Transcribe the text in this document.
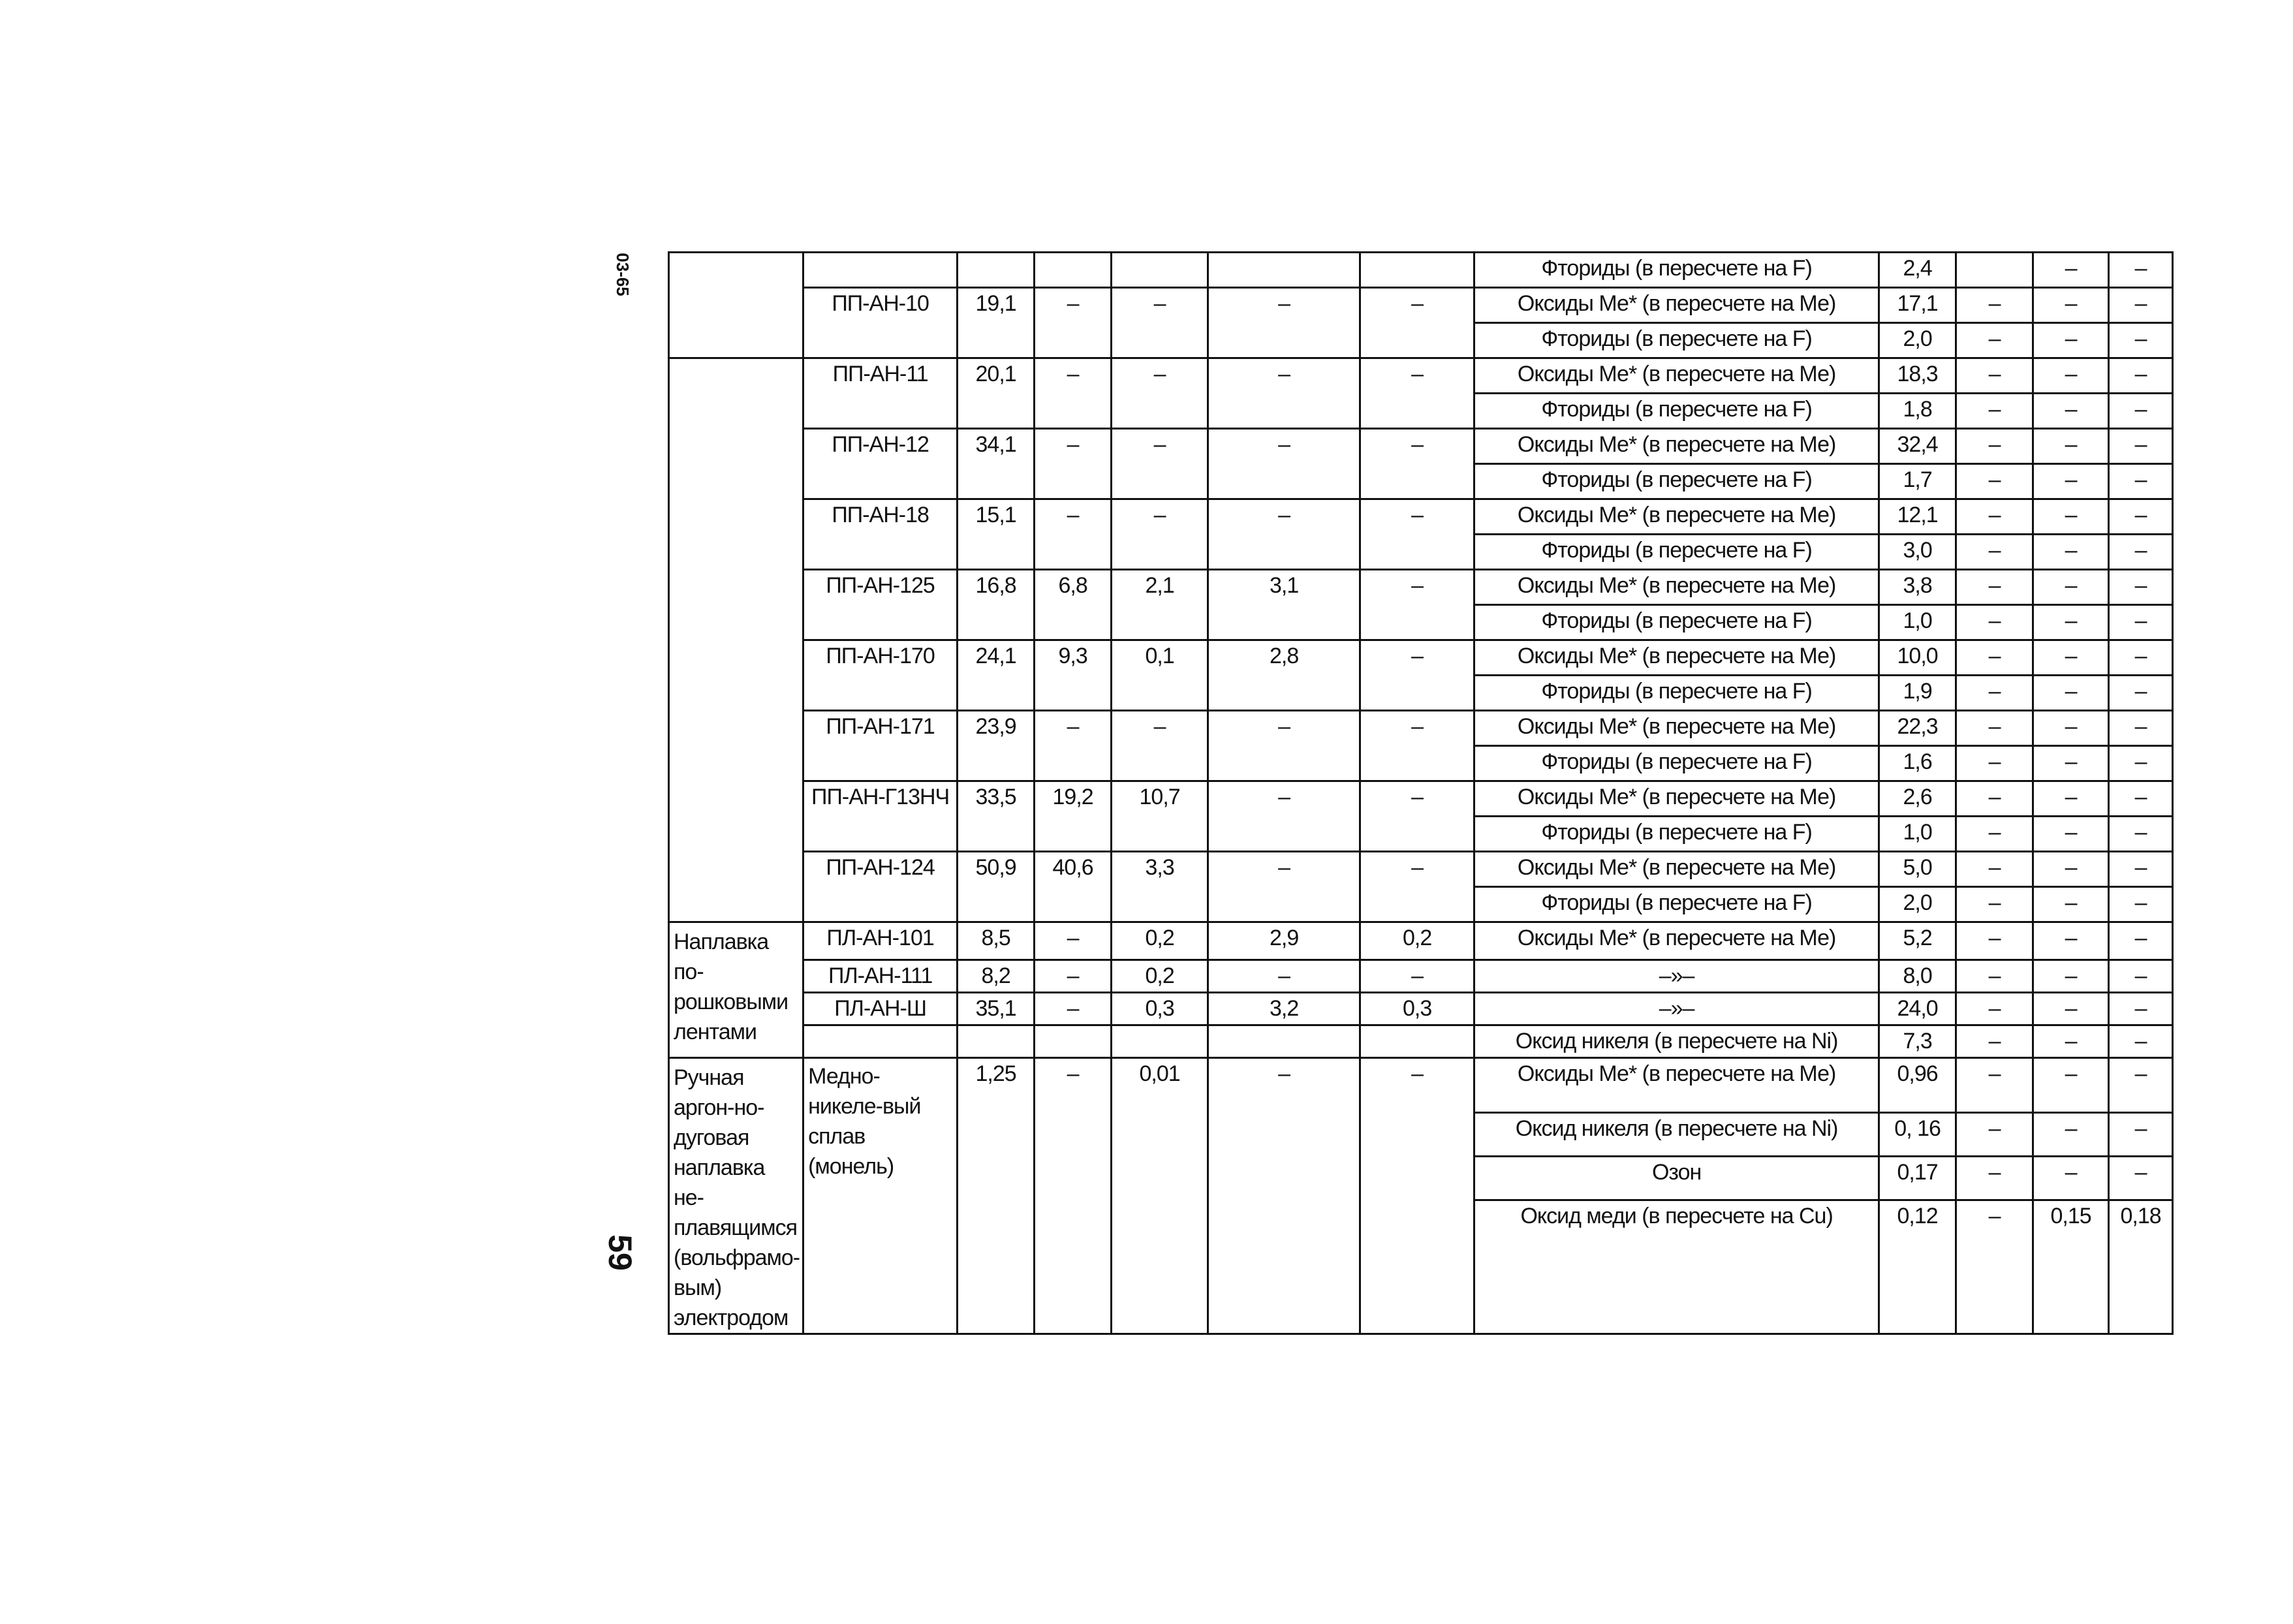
03-65
59
							Фториды (в пересчете на F)	2,4		–	–
	ПП-АН-10	19,1	–	–	–	–	Оксиды Ме* (в пересчете на Ме)	17,1	–	–	–
							Фториды (в пересчете на F)	2,0	–	–	–
	ПП-АН-11	20,1	–	–	–	–	Оксиды Ме* (в пересчете на Ме)	18,3	–	–	–
							Фториды (в пересчете на F)	1,8	–	–	–
	ПП-АН-12	34,1	–	–	–	–	Оксиды Ме* (в пересчете на Ме)	32,4	–	–	–
							Фториды (в пересчете на F)	1,7	–	–	–
	ПП-АН-18	15,1	–	–	–	–	Оксиды Ме* (в пересчете на Ме)	12,1	–	–	–
							Фториды (в пересчете на F)	3,0	–	–	–
	ПП-АН-125	16,8	6,8	2,1	3,1	–	Оксиды Ме* (в пересчете на Ме)	3,8	–	–	–
							Фториды (в пересчете на F)	1,0	–	–	–
	ПП-АН-170	24,1	9,3	0,1	2,8	–	Оксиды Ме* (в пересчете на Ме)	10,0	–	–	–
							Фториды (в пересчете на F)	1,9	–	–	–
	ПП-АН-171	23,9	–	–	–	–	Оксиды Ме* (в пересчете на Ме)	22,3	–	–	–
							Фториды (в пересчете на F)	1,6	–	–	–
	ПП-АН-Г13НЧ	33,5	19,2	10,7	–	–	Оксиды Ме* (в пересчете на Ме)	2,6	–	–	–
							Фториды (в пересчете на F)	1,0	–	–	–
	ПП-АН-124	50,9	40,6	3,3	–	–	Оксиды Ме* (в пересчете на Ме)	5,0	–	–	–
							Фториды (в пересчете на F)	2,0	–	–	–
Наплавка по-рошковыми лентами	ПЛ-АН-101	8,5	–	0,2	2,9	0,2	Оксиды Ме* (в пересчете на Ме)	5,2	–	–	–
	ПЛ-АН-111	8,2	–	0,2	–	–	–»–	8,0	–	–	–
	ПЛ-АН-Ш	35,1	–	0,3	3,2	0,3	–»–	24,0	–	–	–
							Оксид никеля (в пересчете на Ni)	7,3	–	–	–
Ручная аргон-но-дуговая наплавка не-плавящимся (вольфрамо-вым) электродом	Медно-никеле-вый сплав (монель)	1,25	–	0,01	–	–	Оксиды Ме* (в пересчете на Ме)	0,96	–	–	–
							Оксид никеля (в пересчете на Ni)	0, 16	–	–	–
							Озон	0,17	–	–	–
							Оксид меди (в пересчете на Cu)	0,12	–	0,15	0,18
